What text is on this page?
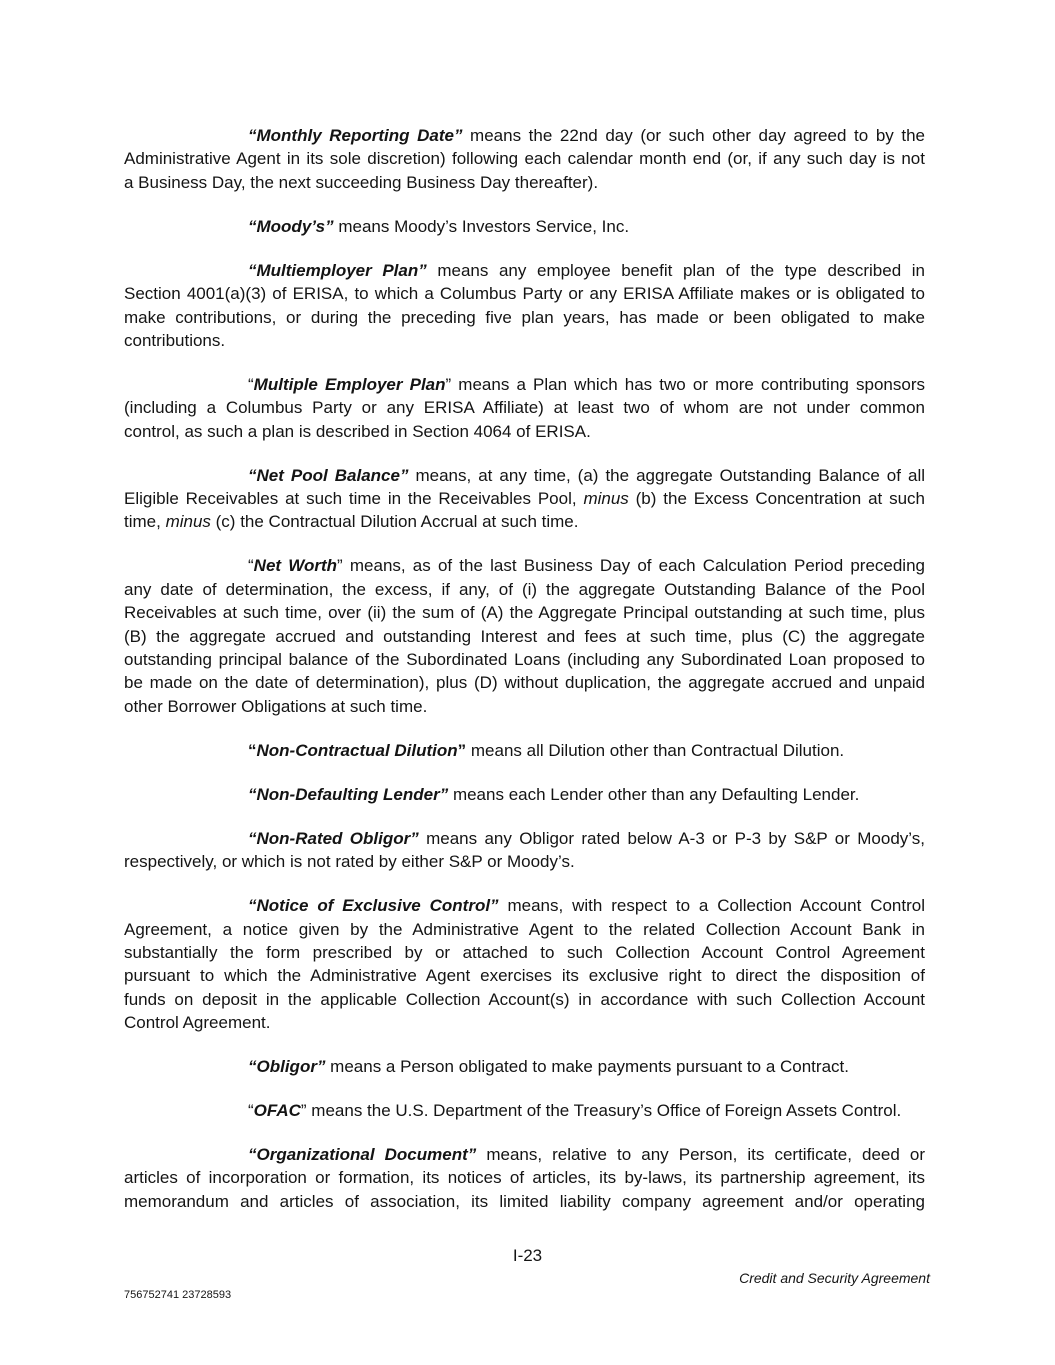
“Monthly Reporting Date” means the 22nd day (or such other day agreed to by the
Administrative Agent in its sole discretion) following each calendar month end (or, if any such day is not
a Business Day, the next succeeding Business Day thereafter).
“Moody’s” means Moody’s Investors Service, Inc.
“Multiemployer Plan” means any employee benefit plan of the type described in
Section 4001(a)(3) of ERISA, to which a Columbus Party or any ERISA Affiliate makes or is obligated to
make contributions, or during the preceding five plan years, has made or been obligated to make
contributions.
“Multiple Employer Plan” means a Plan which has two or more contributing sponsors
(including a Columbus Party or any ERISA Affiliate) at least two of whom are not under common
control, as such a plan is described in Section 4064 of ERISA.
“Net Pool Balance” means, at any time, (a) the aggregate Outstanding Balance of all
Eligible Receivables at such time in the Receivables Pool, minus (b) the Excess Concentration at such
time, minus (c) the Contractual Dilution Accrual at such time.
“Net Worth” means, as of the last Business Day of each Calculation Period preceding
any date of determination, the excess, if any, of (i) the aggregate Outstanding Balance of the Pool
Receivables at such time, over (ii) the sum of (A) the Aggregate Principal outstanding at such time, plus
(B) the aggregate accrued and outstanding Interest and fees at such time, plus (C) the aggregate
outstanding principal balance of the Subordinated Loans (including any Subordinated Loan proposed to
be made on the date of determination), plus (D) without duplication, the aggregate accrued and unpaid
other Borrower Obligations at such time.
“Non-Contractual Dilution” means all Dilution other than Contractual Dilution.
“Non-Defaulting Lender” means each Lender other than any Defaulting Lender.
“Non-Rated Obligor” means any Obligor rated below A-3 or P-3 by S&P or Moody’s,
respectively, or which is not rated by either S&P or Moody’s.
“Notice of Exclusive Control” means, with respect to a Collection Account Control
Agreement, a notice given by the Administrative Agent to the related Collection Account Bank in
substantially the form prescribed by or attached to such Collection Account Control Agreement
pursuant to which the Administrative Agent exercises its exclusive right to direct the disposition of
funds on deposit in the applicable Collection Account(s) in accordance with such Collection Account
Control Agreement.
“Obligor” means a Person obligated to make payments pursuant to a Contract.
“OFAC” means the U.S. Department of the Treasury’s Office of Foreign Assets Control.
“Organizational Document” means, relative to any Person, its certificate, deed or
articles of incorporation or formation, its notices of articles, its by-laws, its partnership agreement, its
memorandum and articles of association, its limited liability company agreement and/or operating
I-23
Credit and Security Agreement
756752741 23728593
